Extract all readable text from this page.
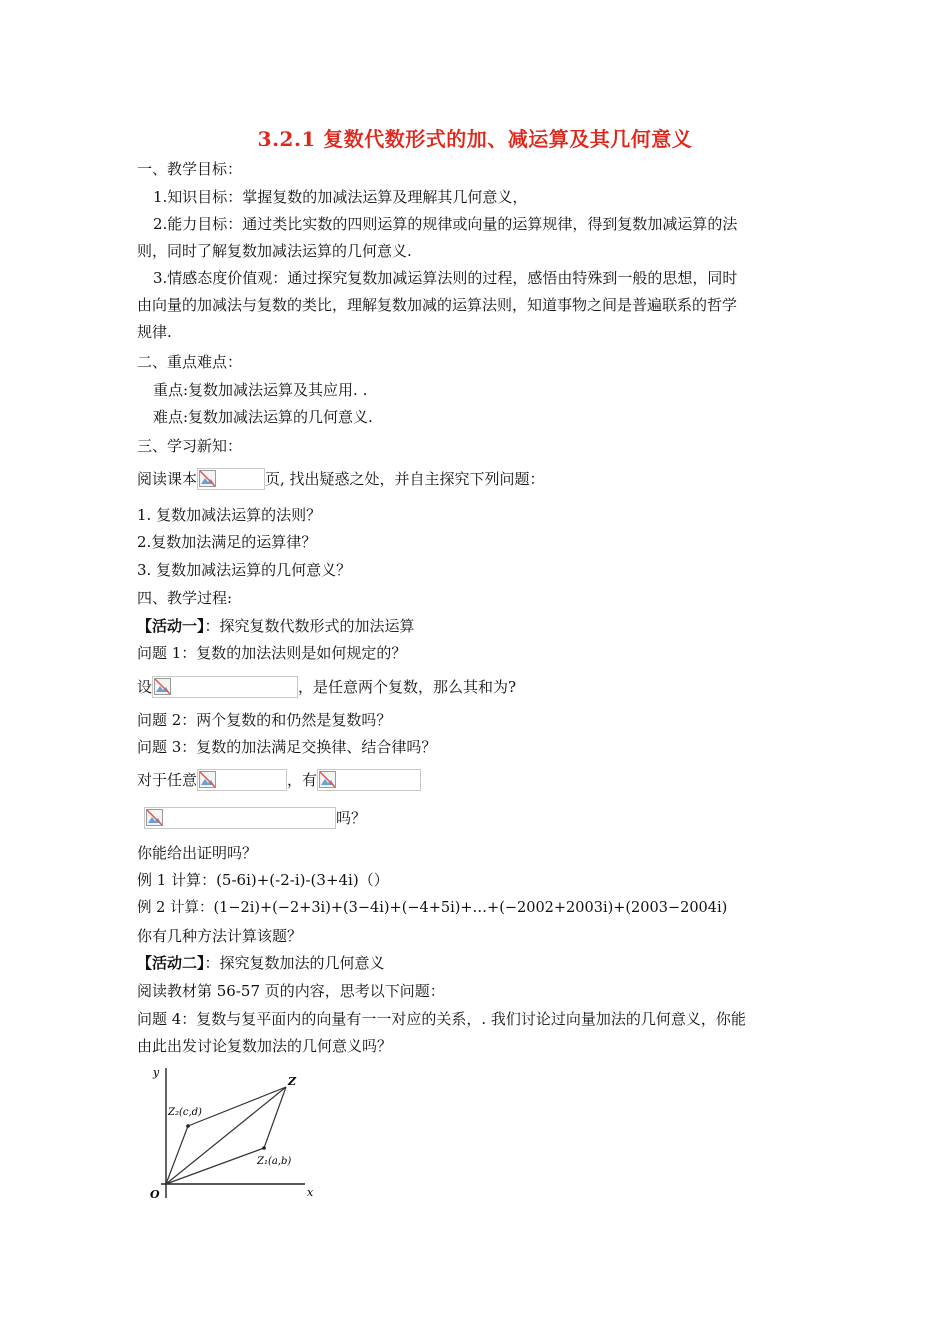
3.2.1 复数代数形式的加、减运算及其几何意义
一、教学目标：
1.知识目标：掌握复数的加减法运算及理解其几何意义，
2.能力目标：通过类比实数的四则运算的规律或向量的运算规律，得到复数加减运算的法
则，同时了解复数加减法运算的几何意义.
3.情感态度价值观：通过探究复数加减运算法则的过程，感悟由特殊到一般的思想，同时
由向量的加减法与复数的类比，理解复数加减的运算法则，知道事物之间是普遍联系的哲学
规律.
二、重点难点：
重点:复数加减法运算及其应用. .
难点:复数加减法运算的几何意义.
三、学习新知：
阅读课本	页, 找出疑惑之处，并自主探究下列问题：
1. 复数加减法运算的法则？
2.复数加法满足的运算律？
3. 复数加减法运算的几何意义？
四、教学过程:
【活动一】：探究复数代数形式的加法运算
问题 1：复数的加法法则是如何规定的？
设	，是任意两个复数，那么其和为?
问题 2：两个复数的和仍然是复数吗？
问题 3：复数的加法满足交换律、结合律吗？
对于任意	，有
吗？
你能给出证明吗？
例 1 计算：(5-6i)+(-2-i)-(3+4i)（）
例 2 计算：(1−2i)+(−2+3i)+(3−4i)+(−4+5i)+…+(−2002+2003i)+(2003−2004i)
你有几种方法计算该题？
【活动二】：探究复数加法的几何意义
阅读教材第 56-57 页的内容，思考以下问题：
问题 4：复数与复平面内的向量有一一对应的关系，. 我们讨论过向量加法的几何意义，你能
由此出发讨论复数加法的几何意义吗？
y
x
O
Z
Z₂(c,d)
Z₁(a,b)
